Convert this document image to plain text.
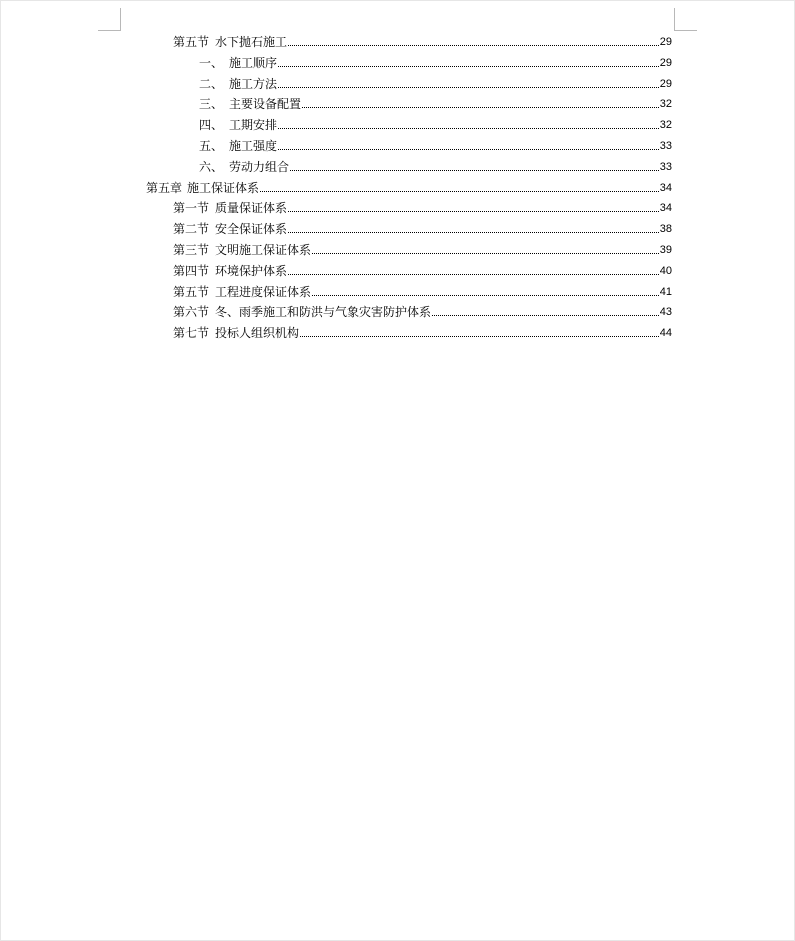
第五节 水下抛石施工	29
一、 施工顺序	29
二、 施工方法	29
三、 主要设备配置	32
四、 工期安排	32
五、 施工强度	33
六、 劳动力组合	33
第五章 施工保证体系	34
第一节 质量保证体系	34
第二节 安全保证体系	38
第三节 文明施工保证体系	39
第四节 环境保护体系	40
第五节 工程进度保证体系	41
第六节 冬、雨季施工和防洪与气象灾害防护体系	43
第七节 投标人组织机构	44
